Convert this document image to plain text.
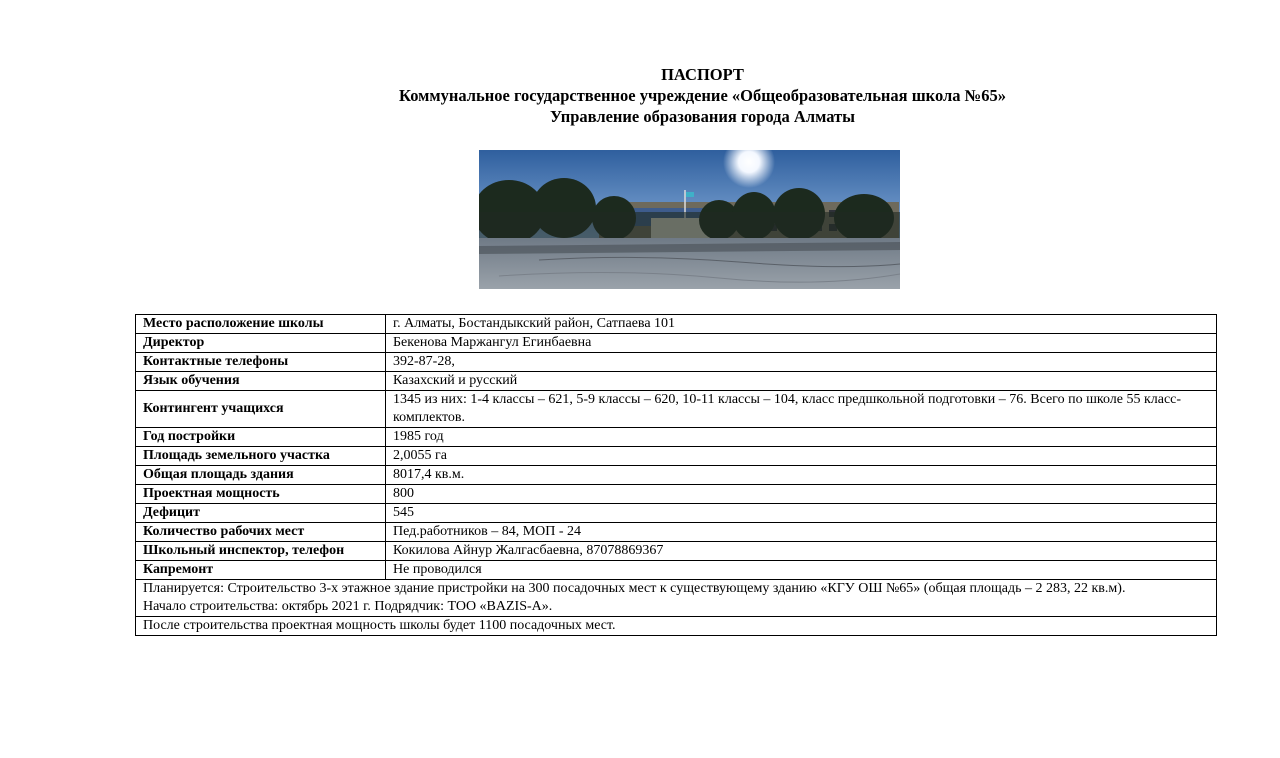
ПАСПОРТ
Коммунальное государственное учреждение «Общеобразовательная школа №65»
Управление образования города Алматы
Место расположение школы	г. Алматы, Бостандыкский район, Сатпаева 101
Директор	Бекенова Маржангул Егинбаевна
Контактные телефоны	392-87-28,
Язык обучения	Казахский и русский
Контингент учащихся	1345 из них: 1-4 классы – 621, 5-9 классы – 620, 10-11 классы – 104, класс предшкольной подготовки – 76. Всего по школе 55 класс-комплектов.
Год постройки	1985 год
Площадь земельного участка	2,0055 га
Общая площадь здания	8017,4 кв.м.
Проектная мощность	800
Дефицит	545
Количество рабочих мест	Пед.работников – 84, МОП - 24
Школьный инспектор, телефон	Кокилова Айнур Жалгасбаевна, 87078869367
Капремонт	Не проводился

Планируется: Строительство 3-х этажное здание пристройки на 300 посадочных мест к существующему зданию «КГУ ОШ №65» (общая площадь – 2 283, 22 кв.м).
Начало строительства: октябрь 2021 г. Подрядчик: ТОО «BAZIS-A».	

После строительства проектная мощность школы будет 1100 посадочных мест.	
